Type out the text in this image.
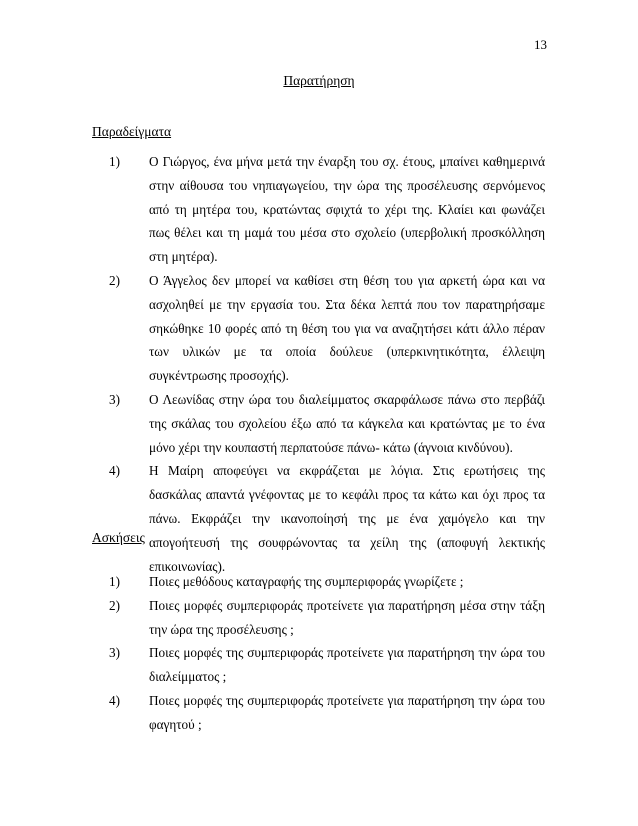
13
Παρατήρηση
Παραδείγματα
1) Ο Γιώργος, ένα μήνα μετά την έναρξη του σχ. έτους, μπαίνει καθημερινά στην αίθουσα του νηπιαγωγείου, την ώρα της προσέλευσης σερνόμενος από τη μητέρα του, κρατώντας σφιχτά το χέρι της. Κλαίει και φωνάζει πως θέλει και τη μαμά του μέσα στο σχολείο (υπερβολική προσκόλληση στη μητέρα).
2) Ο Άγγελος δεν μπορεί να καθίσει στη θέση του για αρκετή ώρα και να ασχοληθεί με την εργασία του. Στα δέκα λεπτά που τον παρατηρήσαμε σηκώθηκε 10 φορές από τη θέση του για να αναζητήσει κάτι άλλο πέραν των υλικών με τα οποία δούλευε (υπερκινητικότητα, έλλειψη συγκέντρωσης προσοχής).
3) Ο Λεωνίδας στην ώρα του διαλείμματος σκαρφάλωσε πάνω στο περβάζι της σκάλας του σχολείου έξω από τα κάγκελα και κρατώντας με το ένα μόνο χέρι την κουπαστή περπατούσε πάνω- κάτω (άγνοια κινδύνου).
4) Η Μαίρη αποφεύγει να εκφράζεται με λόγια. Στις ερωτήσεις της δασκάλας απαντά γνέφοντας με το κεφάλι προς τα κάτω και όχι προς τα πάνω. Εκφράζει την ικανοποίησή της με ένα χαμόγελο και την απογοήτευσή της σουφρώνοντας τα χείλη της (αποφυγή λεκτικής επικοινωνίας).
Ασκήσεις
1) Ποιες μεθόδους καταγραφής της συμπεριφοράς γνωρίζετε ;
2) Ποιες μορφές συμπεριφοράς προτείνετε για παρατήρηση μέσα στην τάξη την ώρα της προσέλευσης ;
3) Ποιες μορφές της συμπεριφοράς προτείνετε για παρατήρηση την ώρα του διαλείμματος ;
4) Ποιες μορφές της συμπεριφοράς προτείνετε για παρατήρηση την ώρα του φαγητού ;
